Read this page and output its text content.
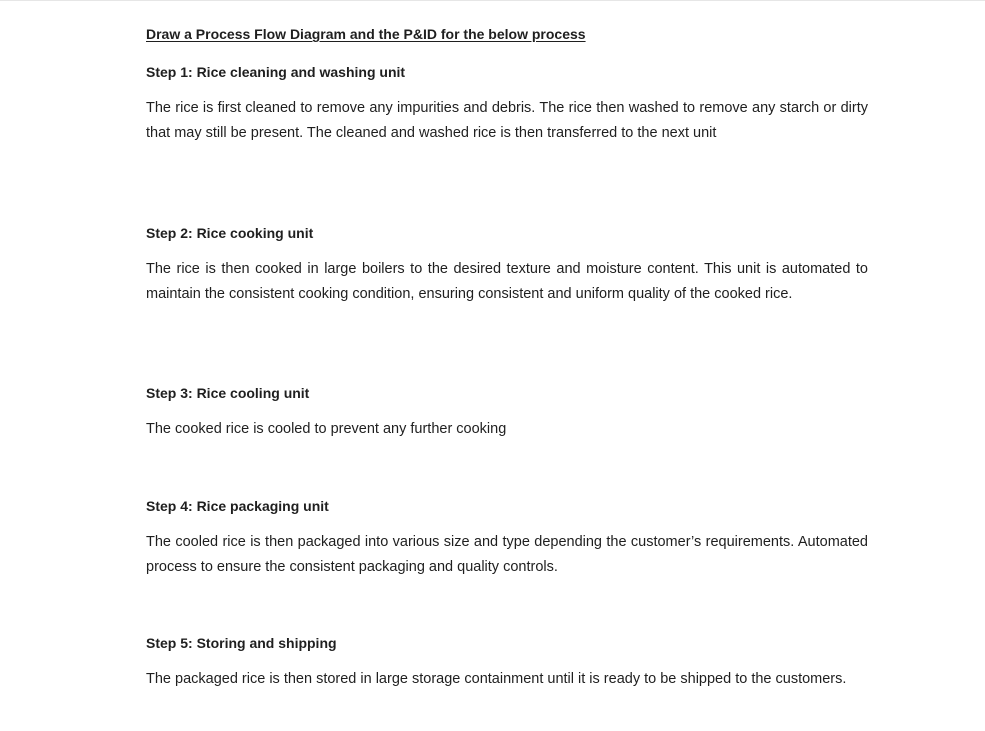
Draw a Process Flow Diagram and the P&ID for the below process

Step 1: Rice cleaning and washing unit

The rice is first cleaned to remove any impurities and debris. The rice then washed to remove any starch or dirty that may still be present. The cleaned and washed rice is then transferred to the next unit

Step 2: Rice cooking unit

The rice is then cooked in large boilers to the desired texture and moisture content. This unit is automated to maintain the consistent cooking condition, ensuring consistent and uniform quality of the cooked rice.

Step 3: Rice cooling unit

The cooked rice is cooled to prevent any further cooking

Step 4: Rice packaging unit

The cooled rice is then packaged into various size and type depending the customer’s requirements. Automated process to ensure the consistent packaging and quality controls.

Step 5: Storing and shipping

The packaged rice is then stored in large storage containment until it is ready to be shipped to the customers.
